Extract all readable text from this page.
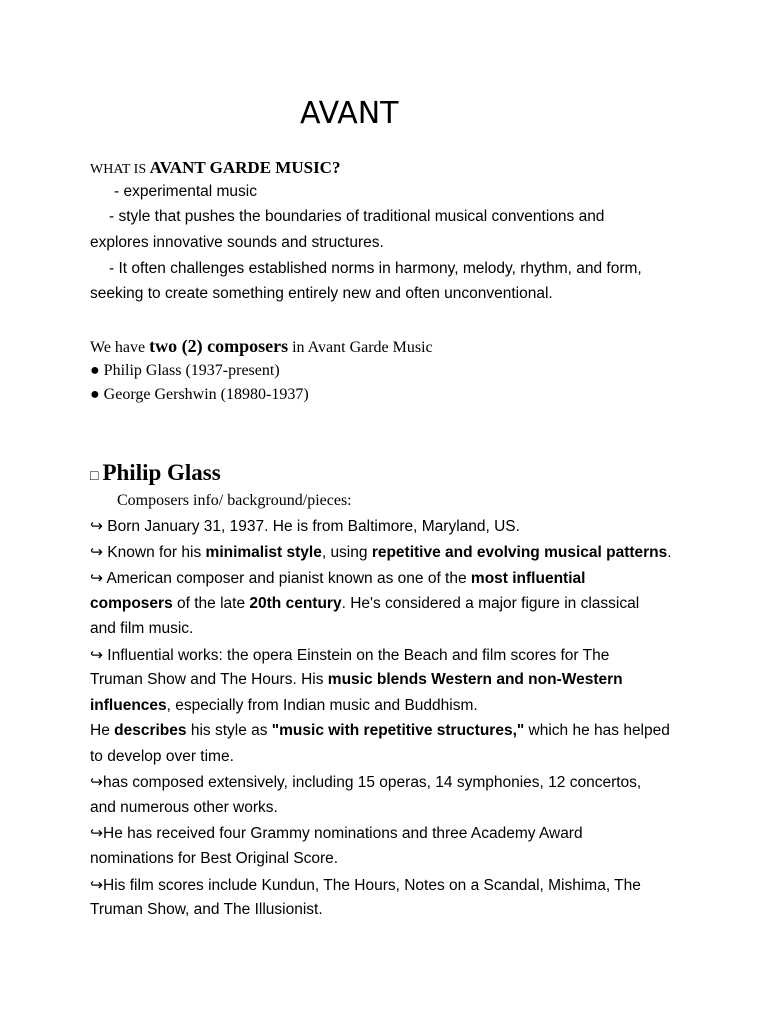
AVANT
WHAT IS AVANT GARDE MUSIC?
- experimental music
- style that pushes the boundaries of traditional musical conventions and
explores innovative sounds and structures.
- It often challenges established norms in harmony, melody, rhythm, and form,
seeking to create something entirely new and often unconventional.
We have two (2) composers in Avant Garde Music
● Philip Glass (1937-present)
● George Gershwin (18980-1937)
□ Philip Glass
Composers info/ background/pieces:
↪ Born January 31, 1937. He is from Baltimore, Maryland, US.
↪ Known for his minimalist style, using repetitive and evolving musical patterns.
↪ American composer and pianist known as one of the most influential
composers of the late 20th century. He's considered a major figure in classical
and film music.
↪ Influential works: the opera Einstein on the Beach and film scores for The
Truman Show and The Hours. His music blends Western and non-Western
influences, especially from Indian music and Buddhism.
He describes his style as "music with repetitive structures," which he has helped
to develop over time.
↪has composed extensively, including 15 operas, 14 symphonies, 12 concertos,
and numerous other works.
↪He has received four Grammy nominations and three Academy Award
nominations for Best Original Score.
↪His film scores include Kundun, The Hours, Notes on a Scandal, Mishima, The
Truman Show, and The Illusionist.
